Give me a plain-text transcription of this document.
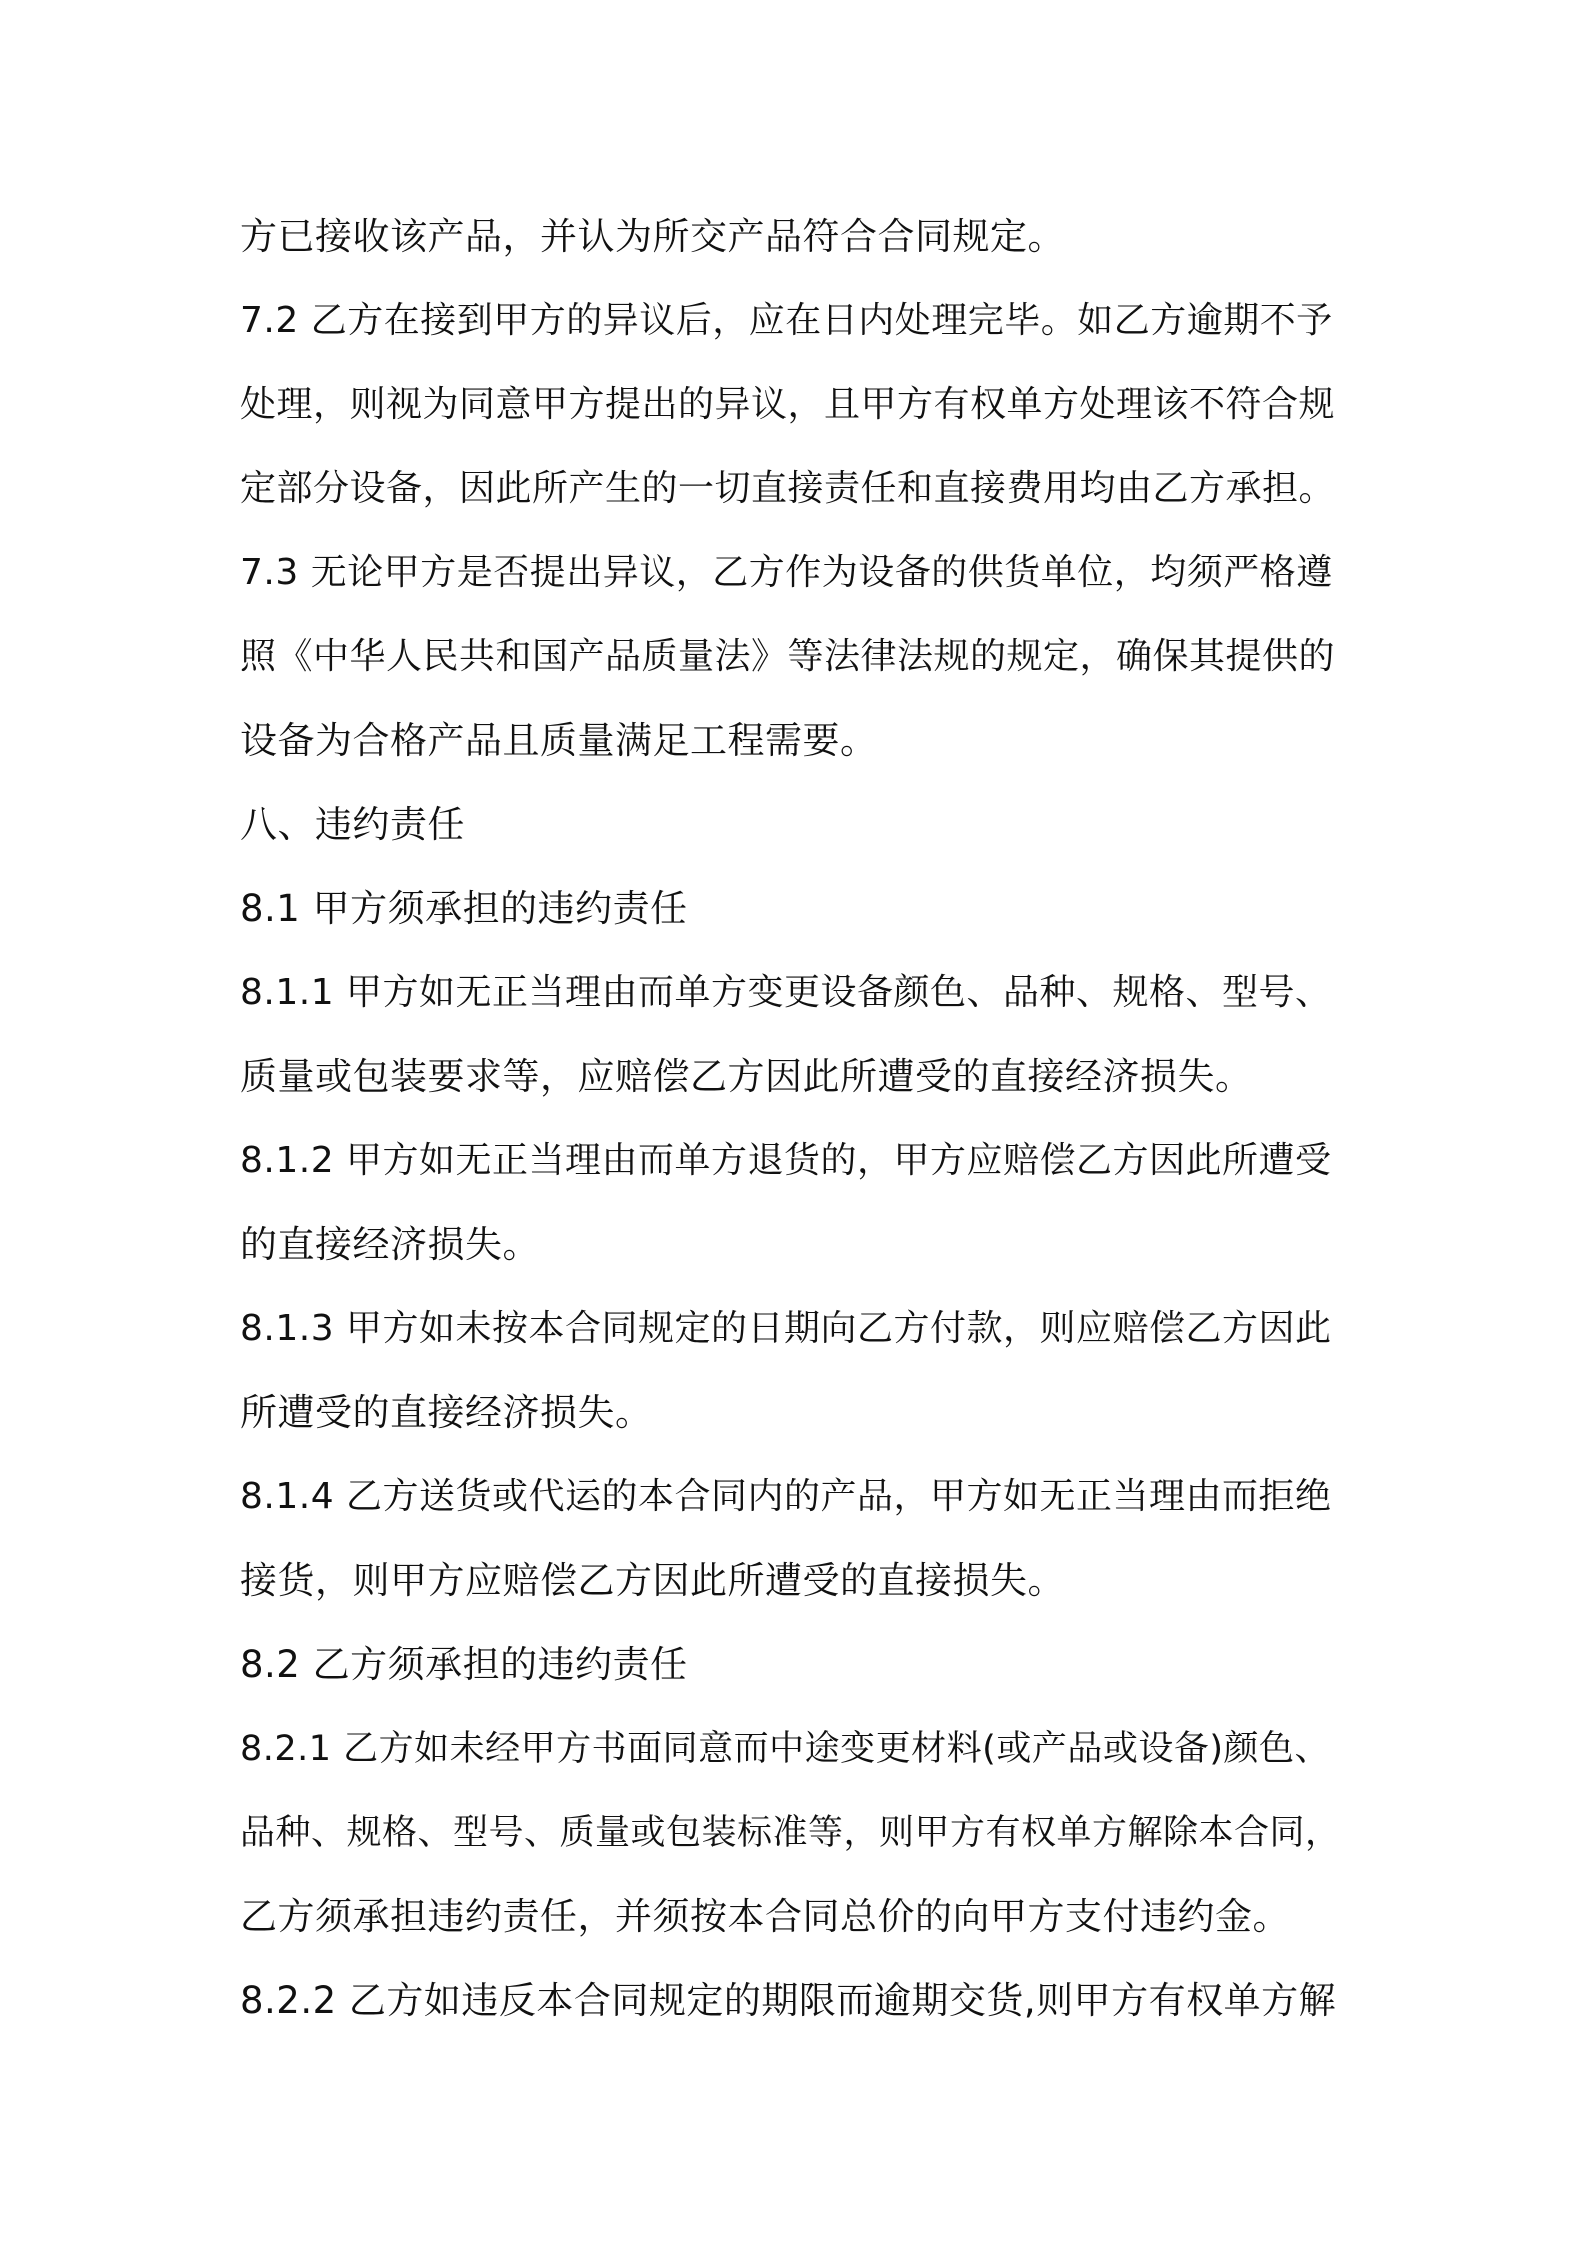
方已接收该产品，并认为所交产品符合合同规定。
7.2 乙方在接到甲方的异议后，应在日内处理完毕。如乙方逾期不予
处理，则视为同意甲方提出的异议，且甲方有权单方处理该不符合规
定部分设备，因此所产生的一切直接责任和直接费用均由乙方承担。
7.3 无论甲方是否提出异议，乙方作为设备的供货单位，均须严格遵
照《中华人民共和国产品质量法》等法律法规的规定，确保其提供的
设备为合格产品且质量满足工程需要。
八、违约责任
8.1 甲方须承担的违约责任
8.1.1 甲方如无正当理由而单方变更设备颜色、品种、规格、型号、
质量或包装要求等，应赔偿乙方因此所遭受的直接经济损失。
8.1.2 甲方如无正当理由而单方退货的，甲方应赔偿乙方因此所遭受
的直接经济损失。
8.1.3 甲方如未按本合同规定的日期向乙方付款，则应赔偿乙方因此
所遭受的直接经济损失。
8.1.4 乙方送货或代运的本合同内的产品，甲方如无正当理由而拒绝
接货，则甲方应赔偿乙方因此所遭受的直接损失。
8.2 乙方须承担的违约责任
8.2.1 乙方如未经甲方书面同意而中途变更材料(或产品或设备)颜色、
品种、规格、型号、质量或包装标准等，则甲方有权单方解除本合同，
乙方须承担违约责任，并须按本合同总价的向甲方支付违约金。
8.2.2 乙方如违反本合同规定的期限而逾期交货,则甲方有权单方解
